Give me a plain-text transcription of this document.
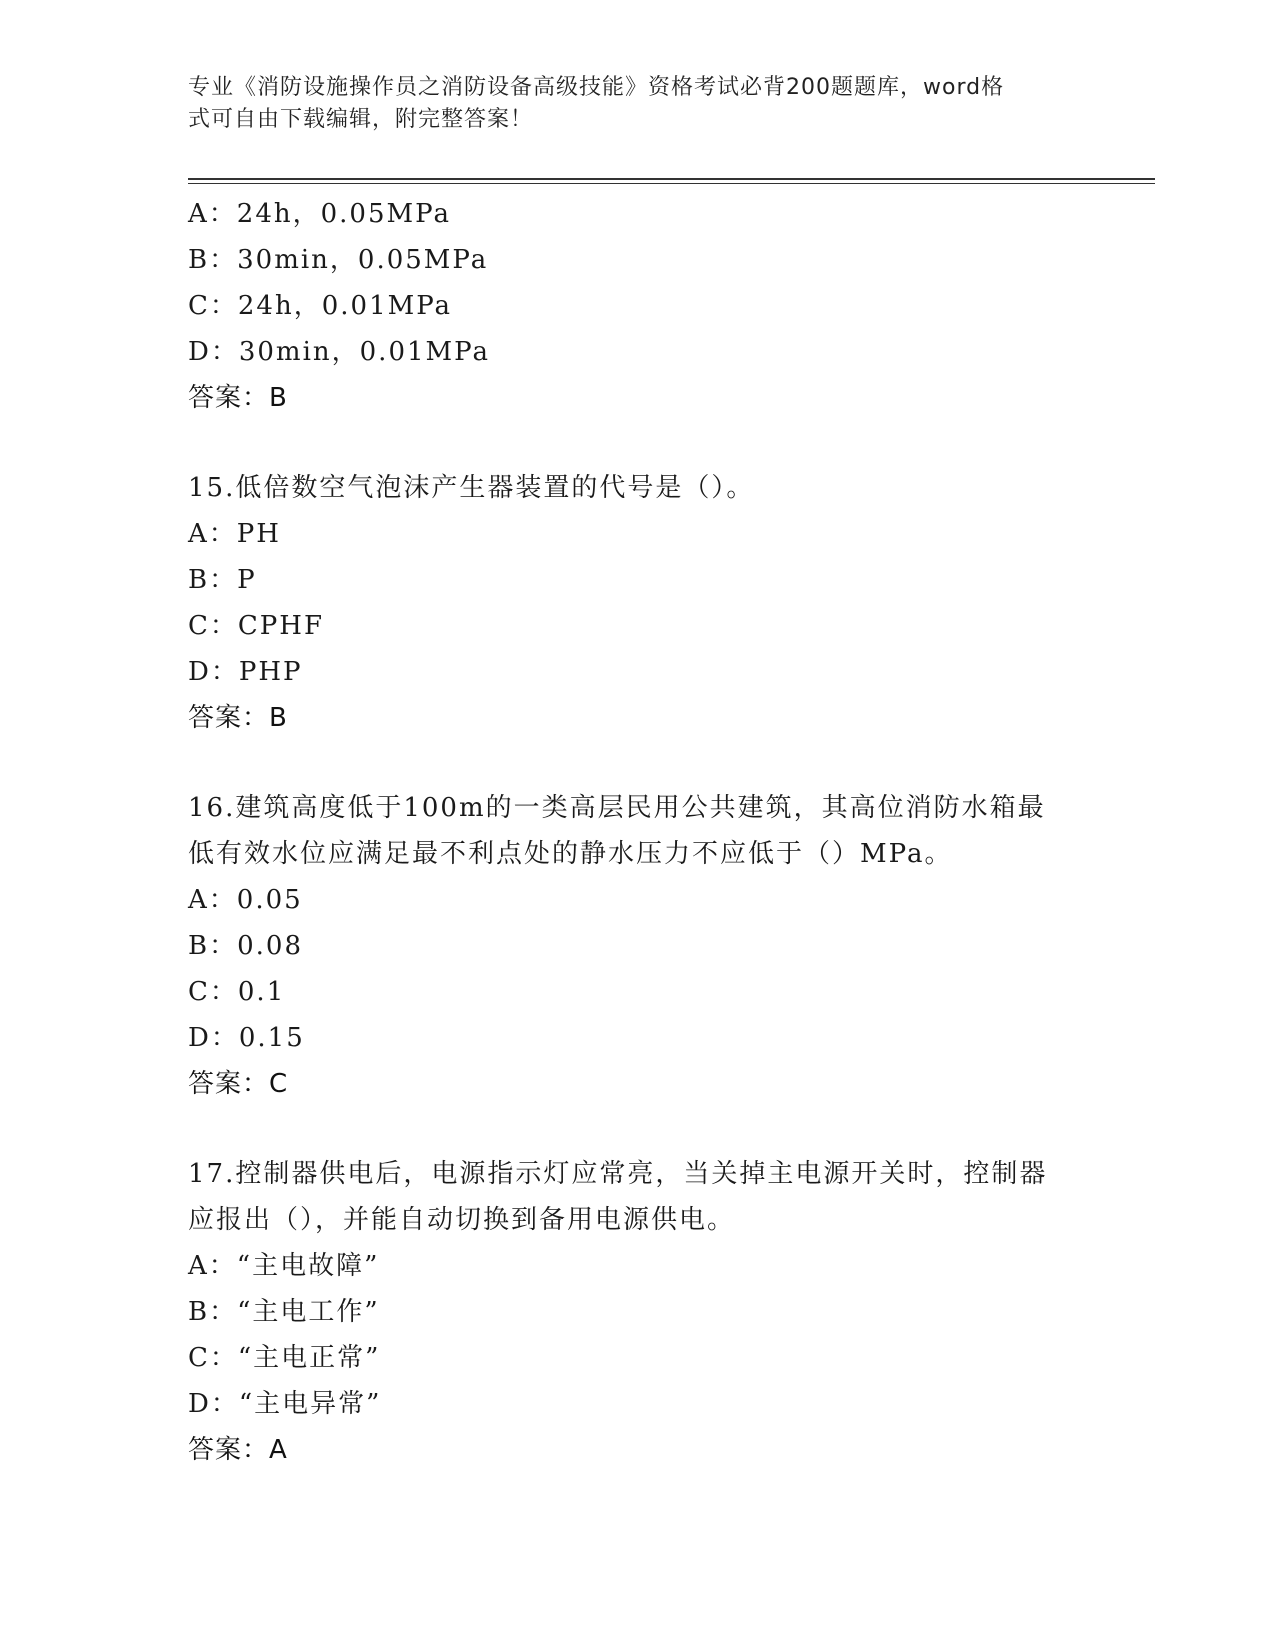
专业《消防设施操作员之消防设备高级技能》资格考试必背200题题库，word格
式可自由下载编辑，附完整答案！
A：24h，0.05MPa
B：30min，0.05MPa
C：24h，0.01MPa
D：30min，0.01MPa
答案：B
15.低倍数空气泡沫产生器装置的代号是（）。
A：PH
B：P
C：CPHF
D：PHP
答案：B
16.建筑高度低于100m的一类高层民用公共建筑，其高位消防水箱最
低有效水位应满足最不利点处的静水压力不应低于（）MPa。
A：0.05
B：0.08
C：0.1
D：0.15
答案：C
17.控制器供电后，电源指示灯应常亮，当关掉主电源开关时，控制器
应报出（），并能自动切换到备用电源供电。
A：“主电故障”
B：“主电工作”
C：“主电正常”
D：“主电异常”
答案：A
